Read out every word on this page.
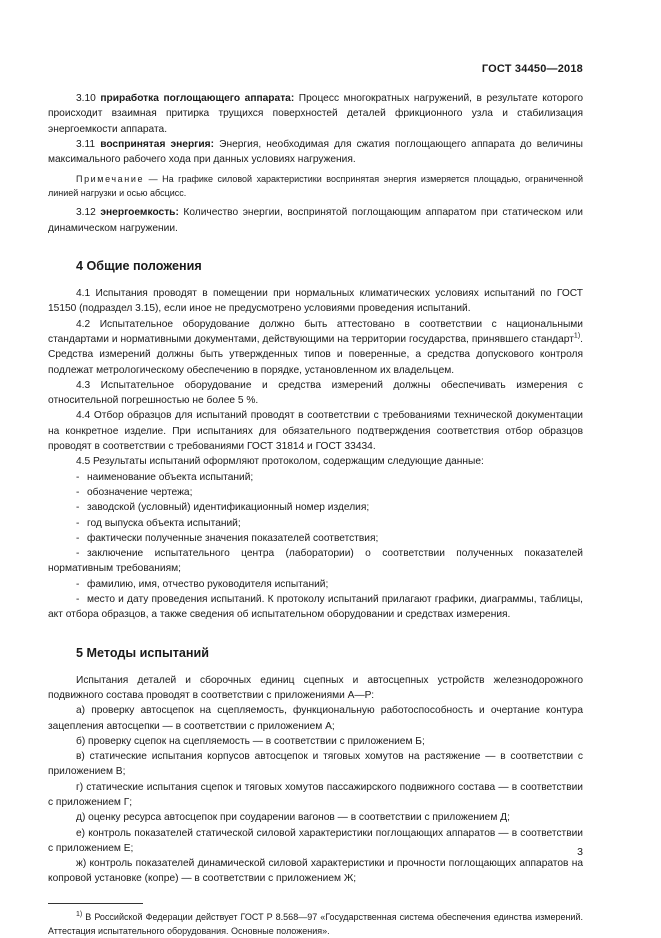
ГОСТ 34450—2018

3.10 приработка поглощающего аппарата: Процесс многократных нагружений, в результате которого происходит взаимная притирка трущихся поверхностей деталей фрикционного узла и стабилизация энергоемкости аппарата.

3.11 воспринятая энергия: Энергия, необходимая для сжатия поглощающего аппарата до величины максимального рабочего хода при данных условиях нагружения.

Примечание — На графике силовой характеристики воспринятая энергия измеряется площадью, ограниченной линией нагрузки и осью абсцисс.

3.12 энергоемкость: Количество энергии, воспринятой поглощающим аппаратом при статическом или динамическом нагружении.

4 Общие положения

4.1 Испытания проводят в помещении при нормальных климатических условиях испытаний по ГОСТ 15150 (подраздел 3.15), если иное не предусмотрено условиями проведения испытаний.

4.2 Испытательное оборудование должно быть аттестовано в соответствии с национальными стандартами и нормативными документами, действующими на территории государства, принявшего стандарт$^{1)}$. Средства измерений должны быть утвержденных типов и поверенные, а средства допускового контроля подлежат метрологическому обеспечению в порядке, установленном их владельцем.

4.3 Испытательное оборудование и средства измерений должны обеспечивать измерения с относительной погрешностью не более 5 %.

4.4 Отбор образцов для испытаний проводят в соответствии с требованиями технической документации на конкретное изделие. При испытаниях для обязательного подтверждения соответствия отбор образцов проводят в соответствии с требованиями ГОСТ 31814 и ГОСТ 33434.

4.5 Результаты испытаний оформляют протоколом, содержащим следующие данные:

- наименование объекта испытаний;
- обозначение чертежа;
- заводской (условный) идентификационный номер изделия;
- год выпуска объекта испытаний;
- фактически полученные значения показателей соответствия;
- заключение испытательного центра (лаборатории) о соответствии полученных показателей нормативным требованиям;
- фамилию, имя, отчество руководителя испытаний;
- место и дату проведения испытаний. К протоколу испытаний прилагают графики, диаграммы, таблицы, акт отбора образцов, а также сведения об испытательном оборудовании и средствах измерения.
5 Методы испытаний

Испытания деталей и сборочных единиц сцепных и автосцепных устройств железнодорожного подвижного состава проводят в соответствии с приложениями А—Р:

а) проверку автосцепок на сцепляемость, функциональную работоспособность и очертание контура зацепления автосцепки — в соответствии с приложением А;

б) проверку сцепок на сцепляемость — в соответствии с приложением Б;

в) статические испытания корпусов автосцепок и тяговых хомутов на растяжение — в соответствии с приложением В;

г) статические испытания сцепок и тяговых хомутов пассажирского подвижного состава — в соответствии с приложением Г;

д) оценку ресурса автосцепок при соударении вагонов — в соответствии с приложением Д;

е) контроль показателей статической силовой характеристики поглощающих аппаратов — в соответствии с приложением Е;

ж) контроль показателей динамической силовой характеристики и прочности поглощающих аппаратов на копровой установке (копре) — в соответствии с приложением Ж;

$^{1)}$ В Российской Федерации действует ГОСТ Р 8.568—97 «Государственная система обеспечения единства измерений. Аттестация испытательного оборудования. Основные положения».

3
